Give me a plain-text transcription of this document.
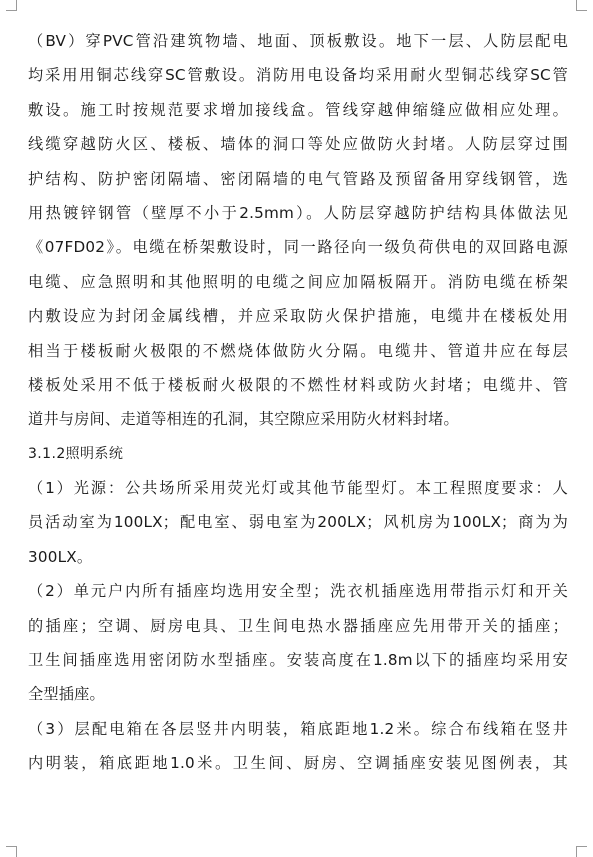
（BV）穿PVC管沿建筑物墙、地面、顶板敷设。地下一层、人防层配电
均采用用铜芯线穿SC管敷设。消防用电设备均采用耐火型铜芯线穿SC管
敷设。施工时按规范要求增加接线盒。管线穿越伸缩缝应做相应处理。
线缆穿越防火区、楼板、墙体的洞口等处应做防火封堵。人防层穿过围
护结构、防护密闭隔墙、密闭隔墙的电气管路及预留备用穿线钢管，选
用热镀锌钢管（壁厚不小于2.5mm）。人防层穿越防护结构具体做法见
《07FD02》。电缆在桥架敷设时，同一路径向一级负荷供电的双回路电源
电缆、应急照明和其他照明的电缆之间应加隔板隔开。消防电缆在桥架
内敷设应为封闭金属线槽，并应采取防火保护措施，电缆井在楼板处用
相当于楼板耐火极限的不燃烧体做防火分隔。电缆井、管道井应在每层
楼板处采用不低于楼板耐火极限的不燃性材料或防火封堵；电缆井、管
道井与房间、走道等相连的孔洞，其空隙应采用防火材料封堵。
3.1.2照明系统
（1）光源：公共场所采用荧光灯或其他节能型灯。本工程照度要求：人
员活动室为100LX；配电室、弱电室为200LX；风机房为100LX；商为为
300LX。
（2）单元户内所有插座均选用安全型；洗衣机插座选用带指示灯和开关
的插座；空调、厨房电具、卫生间电热水器插座应先用带开关的插座；
卫生间插座选用密闭防水型插座。安装高度在1.8m以下的插座均采用安
全型插座。
（3）层配电箱在各层竖井内明装，箱底距地1.2米。综合布线箱在竖井
内明装，箱底距地1.0米。卫生间、厨房、空调插座安装见图例表，其
